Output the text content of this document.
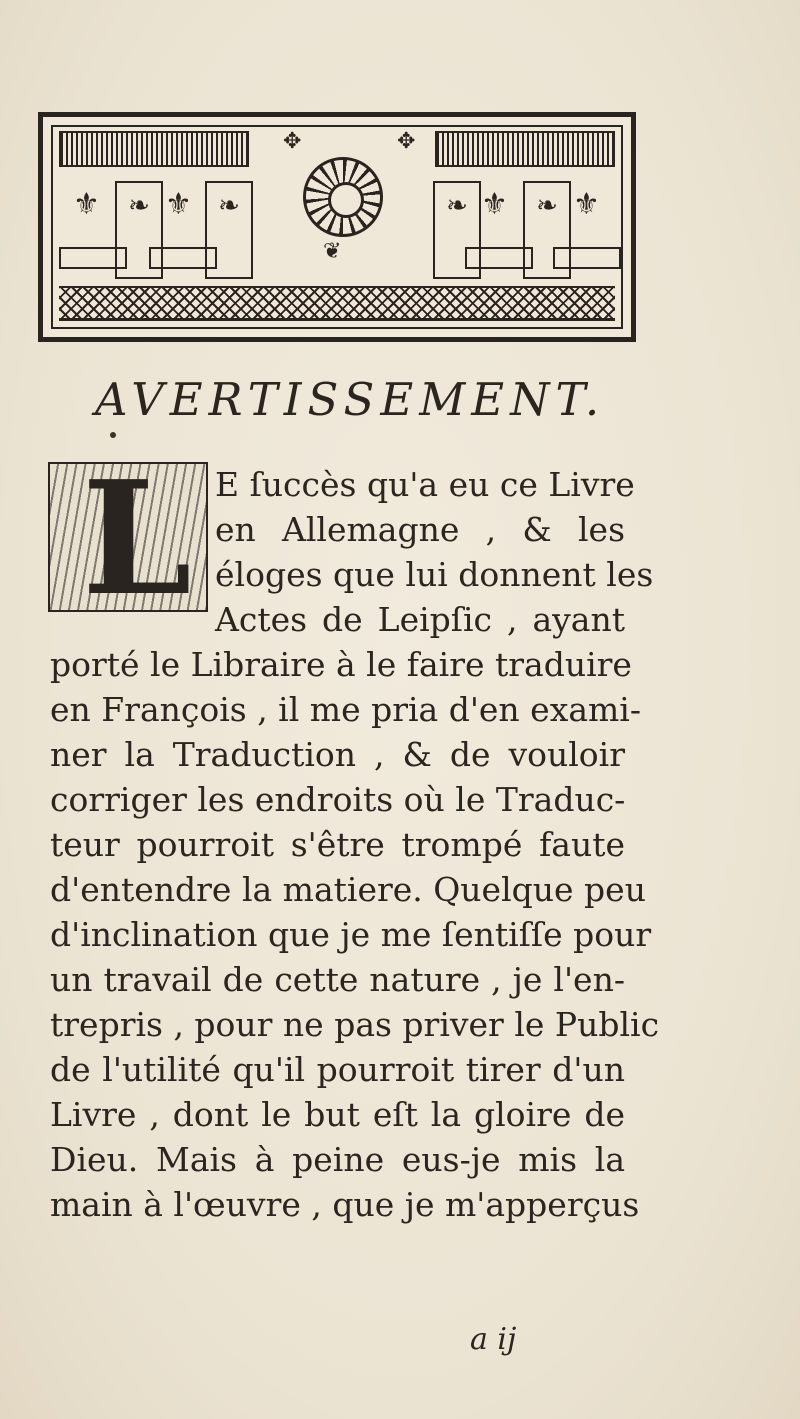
✥	✥
❦
❧	❧	❧	❧
⚜ ⚜	⚜ ⚜
AVERTISSEMENT.
L E ſuccès qu'a eu ce Livre
en Allemagne , & les
éloges que lui donnent les
Actes de Leipſic , ayant
porté le Libraire à le faire traduire
en François , il me pria d'en exami-
ner la Traduction , & de vouloir
corriger les endroits où le Traduc-
teur pourroit s'être trompé faute
d'entendre la matiere. Quelque peu
d'inclination que je me ſentiſſe pour
un travail de cette nature , je l'en-
trepris , pour ne pas priver le Public
de l'utilité qu'il pourroit tirer d'un
Livre , dont le but eſt la gloire de
Dieu. Mais à peine eus-je mis la
main à l'œuvre , que je m'apperçus
a ij
